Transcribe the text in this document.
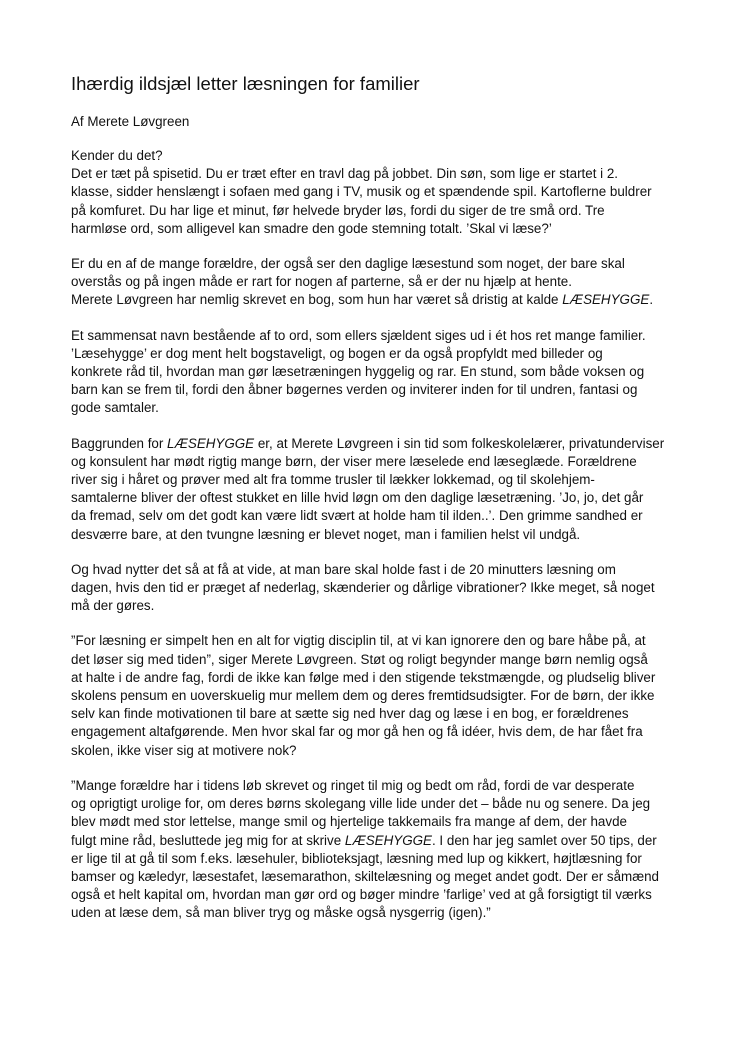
Ihærdig ildsjæl letter læsningen for familier

Af Merete Løvgreen

Kender du det?
Det er tæt på spisetid. Du er træt efter en travl dag på jobbet. Din søn, som lige er startet i 2.
klasse, sidder henslængt i sofaen med gang i TV, musik og et spændende spil. Kartoflerne buldrer
på komfuret. Du har lige et minut, før helvede bryder løs, fordi du siger de tre små ord. Tre
harmløse ord, som alligevel kan smadre den gode stemning totalt. ’Skal vi læse?’

Er du en af de mange forældre, der også ser den daglige læsestund som noget, der bare skal
overstås og på ingen måde er rart for nogen af parterne, så er der nu hjælp at hente.
Merete Løvgreen har nemlig skrevet en bog, som hun har været så dristig at kalde LÆSEHYGGE.

Et sammensat navn bestående af to ord, som ellers sjældent siges ud i ét hos ret mange familier.
’Læsehygge’ er dog ment helt bogstaveligt, og bogen er da også propfyldt med billeder og
konkrete råd til, hvordan man gør læsetræningen hyggelig og rar. En stund, som både voksen og
barn kan se frem til, fordi den åbner bøgernes verden og inviterer inden for til undren, fantasi og
gode samtaler.

Baggrunden for LÆSEHYGGE er, at Merete Løvgreen i sin tid som folkeskolelærer, privatunderviser
og konsulent har mødt rigtig mange børn, der viser mere læselede end læseglæde. Forældrene
river sig i håret og prøver med alt fra tomme trusler til lækker lokkemad, og til skolehjem-
samtalerne bliver der oftest stukket en lille hvid løgn om den daglige læsetræning. ’Jo, jo, det går
da fremad, selv om det godt kan være lidt svært at holde ham til ilden..’. Den grimme sandhed er
desværre bare, at den tvungne læsning er blevet noget, man i familien helst vil undgå.

Og hvad nytter det så at få at vide, at man bare skal holde fast i de 20 minutters læsning om
dagen, hvis den tid er præget af nederlag, skænderier og dårlige vibrationer? Ikke meget, så noget
må der gøres.

”For læsning er simpelt hen en alt for vigtig disciplin til, at vi kan ignorere den og bare håbe på, at
det løser sig med tiden”, siger Merete Løvgreen. Støt og roligt begynder mange børn nemlig også
at halte i de andre fag, fordi de ikke kan følge med i den stigende tekstmængde, og pludselig bliver
skolens pensum en uoverskuelig mur mellem dem og deres fremtidsudsigter. For de børn, der ikke
selv kan finde motivationen til bare at sætte sig ned hver dag og læse i en bog, er forældrenes
engagement altafgørende. Men hvor skal far og mor gå hen og få idéer, hvis dem, de har fået fra
skolen, ikke viser sig at motivere nok?

”Mange forældre har i tidens løb skrevet og ringet til mig og bedt om råd, fordi de var desperate
og oprigtigt urolige for, om deres børns skolegang ville lide under det – både nu og senere. Da jeg
blev mødt med stor lettelse, mange smil og hjertelige takkemails fra mange af dem, der havde
fulgt mine råd, besluttede jeg mig for at skrive LÆSEHYGGE. I den har jeg samlet over 50 tips, der
er lige til at gå til som f.eks. læsehuler, biblioteksjagt, læsning med lup og kikkert, højtlæsning for
bamser og kæledyr, læsestafet, læsemarathon, skiltelæsning og meget andet godt. Der er såmænd
også et helt kapital om, hvordan man gør ord og bøger mindre ’farlige’ ved at gå forsigtigt til værks
uden at læse dem, så man bliver tryg og måske også nysgerrig (igen).”
